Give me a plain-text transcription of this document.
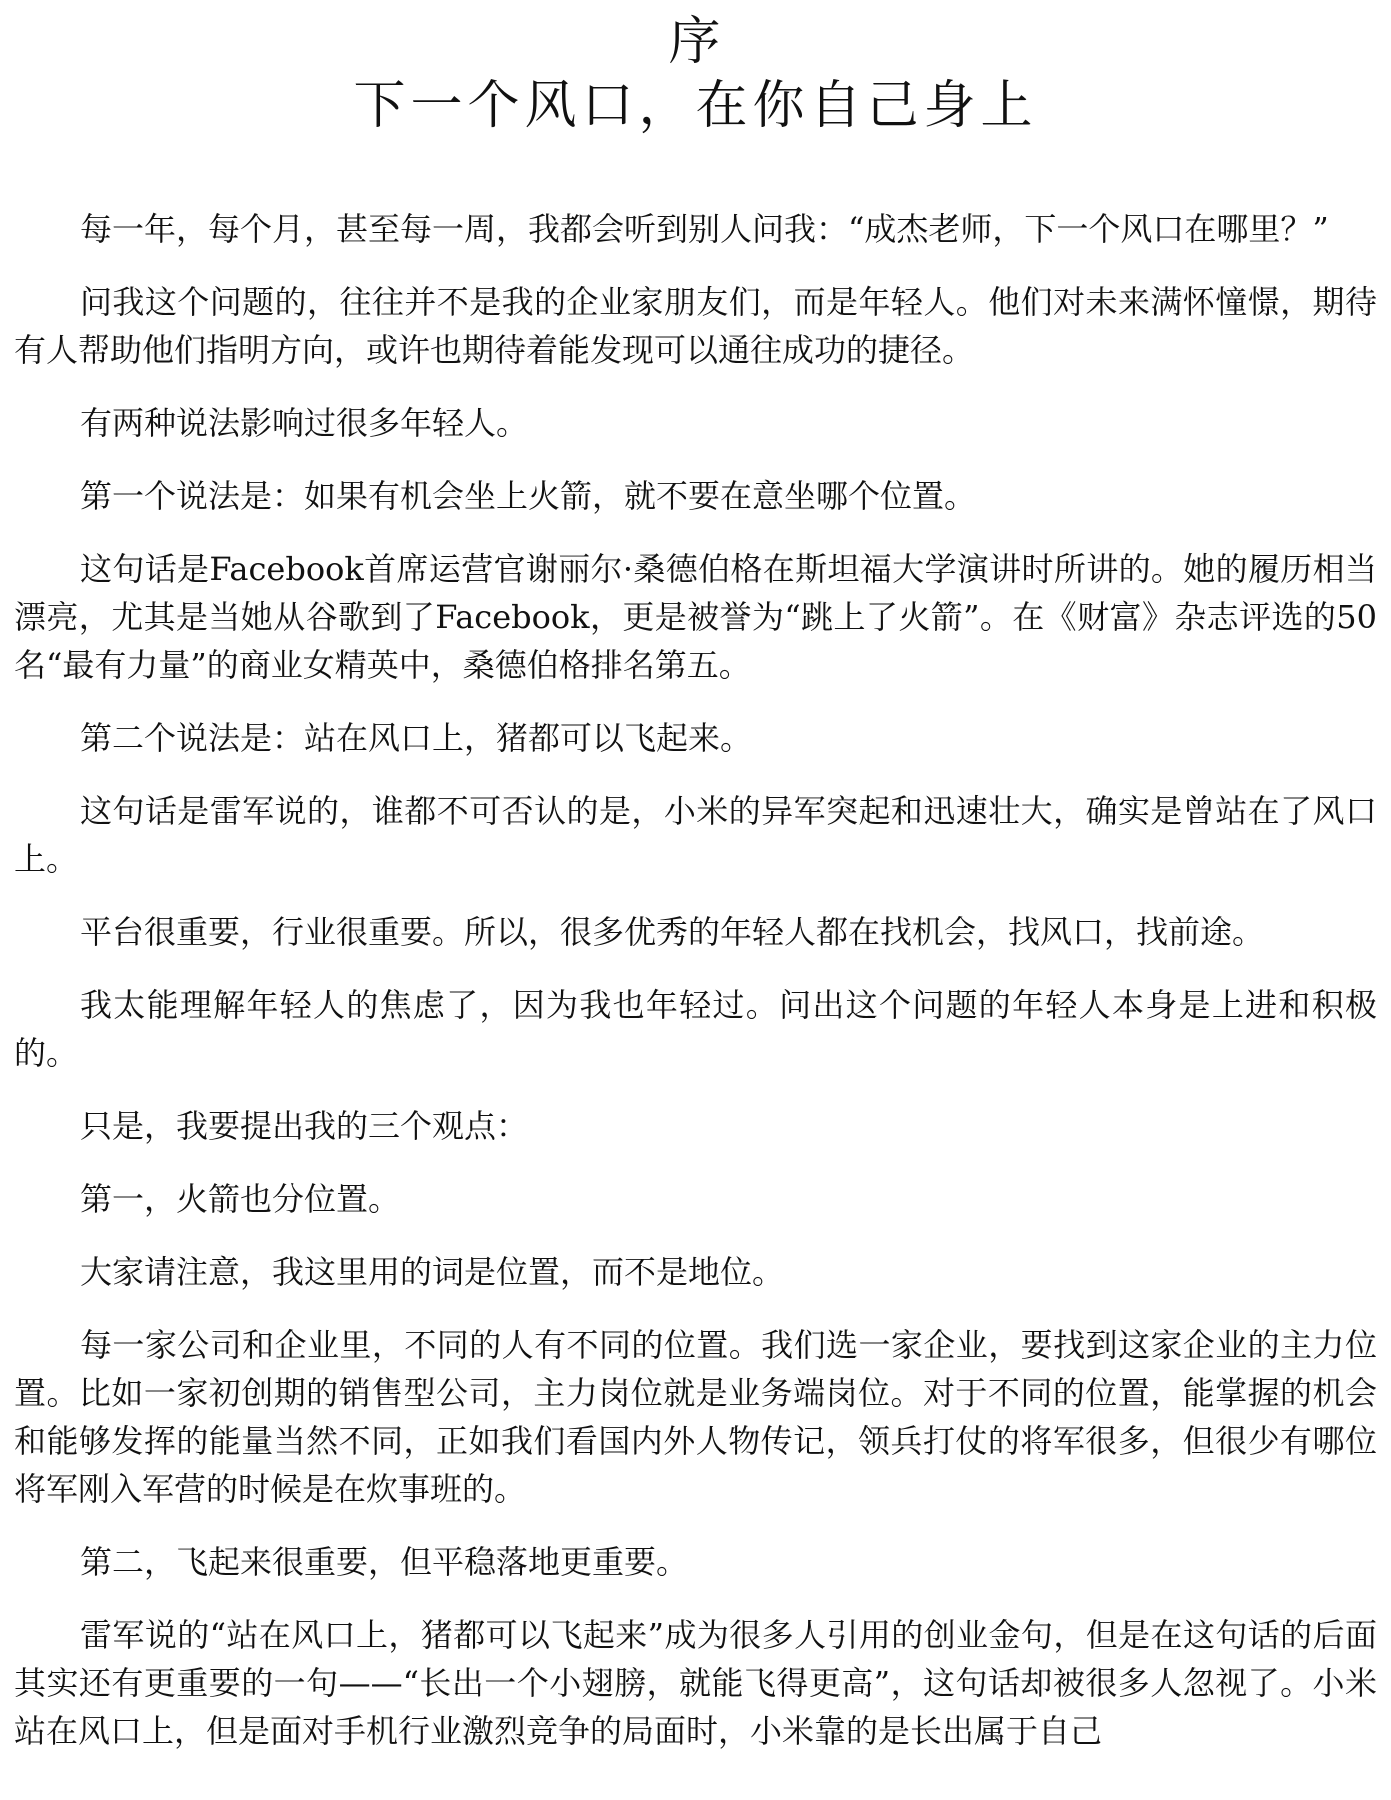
序
下一个风口，在你自己身上

每一年，每个月，甚至每一周，我都会听到别人问我：“成杰老师，下一个风口在哪里？”

问我这个问题的，往往并不是我的企业家朋友们，而是年轻人。他们对未来满怀憧憬，期待有人帮助他们指明方向，或许也期待着能发现可以通往成功的捷径。

有两种说法影响过很多年轻人。

第一个说法是：如果有机会坐上火箭，就不要在意坐哪个位置。

这句话是Facebook首席运营官谢丽尔·桑德伯格在斯坦福大学演讲时所讲的。她的履历相当漂亮，尤其是当她从谷歌到了Facebook，更是被誉为“跳上了火箭”。在《财富》杂志评选的50名“最有力量”的商业女精英中，桑德伯格排名第五。

第二个说法是：站在风口上，猪都可以飞起来。

这句话是雷军说的，谁都不可否认的是，小米的异军突起和迅速壮大，确实是曾站在了风口上。

平台很重要，行业很重要。所以，很多优秀的年轻人都在找机会，找风口，找前途。

我太能理解年轻人的焦虑了，因为我也年轻过。问出这个问题的年轻人本身是上进和积极的。

只是，我要提出我的三个观点：

第一，火箭也分位置。

大家请注意，我这里用的词是位置，而不是地位。

每一家公司和企业里，不同的人有不同的位置。我们选一家企业，要找到这家企业的主力位置。比如一家初创期的销售型公司，主力岗位就是业务端岗位。对于不同的位置，能掌握的机会和能够发挥的能量当然不同，正如我们看国内外人物传记，领兵打仗的将军很多，但很少有哪位将军刚入军营的时候是在炊事班的。

第二，飞起来很重要，但平稳落地更重要。

雷军说的“站在风口上，猪都可以飞起来”成为很多人引用的创业金句，但是在这句话的后面其实还有更重要的一句——“长出一个小翅膀，就能飞得更高”，这句话却被很多人忽视了。小米站在风口上，但是面对手机行业激烈竞争的局面时，小米靠的是长出属于自己
